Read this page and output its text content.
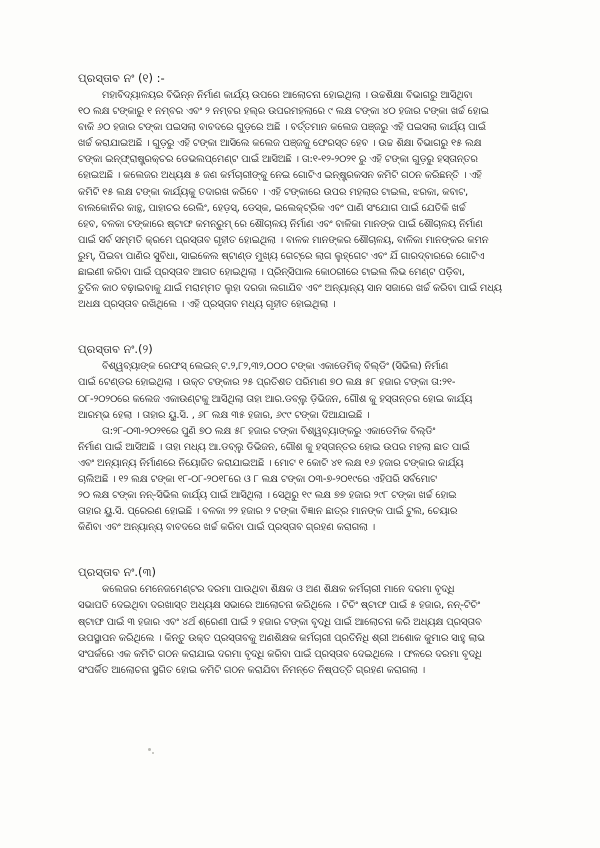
ପ୍ରସ୍ତାବ ନଂ (୧) :-
ମହାବିଦ୍ୟାଳୟର ବିଭିନ୍ନ ନିର୍ମାଣ କାର୍ଯ୍ୟ ଉପରେ ଆଲୋଚନା ହୋଇଥିଲା । ଉଚ୍ଚଶିକ୍ଷା ବିଭାଗରୁ ଆସିଥିବା
୧୦ ଲକ୍ଷ ଟଙ୍କାରୁ ୧ ନମ୍ବର ଏବଂ ୨ ନମ୍ବର ହଲ୍‌ର ଉପରମହଲାରେ ୯ ଲକ୍ଷ ଟଙ୍କା ୪୦ ହଜାର ଟଙ୍କା ଖର୍ଚ୍ଚ ହୋଇ
ବାକି ୬୦ ହଜାର ଟଙ୍କା ପଇସଲା ବାବଦରେ ଗୁଡ଼ରେ ଅଛି । ବର୍ତ୍ତମାନ କଲେଜ ପଞ୍ଜରୁ ଏହି ପଇସଲା କାର୍ଯ୍ୟ ପାଇଁ
ଖର୍ଚ୍ଚ କରାଯାଇଅଛି । ଗୁଡ଼ରୁ ଏହି ଟଙ୍କା ଆସିଲେ କଲେଜ ପଞ୍ଜକୁ ଫେରସ୍ତ ହେବ । ଉଚ୍ଚ ଶିକ୍ଷା ବିଭାଗରୁ ୧୫ ଲକ୍ଷ
ଟଙ୍କା ଇନ୍‌ଫ୍ରାଷ୍ଟ୍ରକ୍‌ଚର ଡେଭଲପ୍‌ମେଣ୍ଟ ପାଇଁ ଆସିଅଛି । ତା:୧-୧୨-୨୦୨୧ ରୁ ଏହି ଟଙ୍କା ଗୁଡ଼ରୁ ହସ୍ତାନ୍ତର
ହୋଇଅଛି । କଲେଜର ଅଧ୍ୟକ୍ଷ ୫ ଜଣ କର୍ମଚାରୀଙ୍କୁ ନେଇ ଗୋଟିଏ ଇନ୍‌ଷ୍ଟ୍ରକସନ କମିଟି ଗଠନ କରିଛନ୍ତି । ଏହି
କମିଟି ୧୫ ଲକ୍ଷ ଟଙ୍କା କାର୍ଯ୍ୟକୁ ତଦାରଖ କରିବେ । ଏହି ଟଙ୍କାରେ ଉପର ମହଲାର ଟାଇଲ, ଝରକା, କବାଟ,
ବାଲକୋନିର କାନ୍ଥ, ପାହାଚର ରେଲିଂ, ହେଡ଼ସ୍, ଡେସ୍କ, ଇଲେକ୍‌ଟ୍ରିକ ଏବଂ ପାଣି ସଂଯୋଗ ପାଇଁ ଯେତିକି ଖର୍ଚ୍ଚ
ହେବ, ବଳକା ଟଙ୍କାରେ ଷ୍ଟାଫ କମନ୍‌ରୁମ୍ ରେ ଶୌଚାଳୟ ନିର୍ମାଣ ଏବଂ ବାଳିକା ମାନଙ୍କ ପାଇଁ ଶୌଚାଳୟ ନିର୍ମାଣ
ପାଇଁ ସର୍ବ ସମ୍ମତି କ୍ରମେ ପ୍ରସ୍ତାବ ଗୃହୀତ ହୋଇଥିଲା । ବାଳକ ମାନଙ୍କର ଶୌଚାଳୟ, ବାଳିକା ମାନଙ୍କର କମନ
ରୁମ୍, ପିଇବା ପାଣିର ସୁବିଧା, ସାଇକେଲ ଷ୍ଟାଣ୍ଡ ମୁଖ୍ୟ ଗେଟ୍‌ରେ ଲାଗ ଲୁହ୍‌ଗେଟ ଏବଂ ଯିଁ ଗାରଦ୍‌ବାରରେ ଗୋଟିଏ
ଛାଇଣୀ କରିବା ପାଇଁ ପ୍ରସ୍ତାବ ଆଗତ ହୋଇଥିଲା । ପ୍ରିନ୍‌ସିପାଲ କୋଠରୀରେ ଟାଇଲ ଲିଭ ମେଣ୍ଟ ପଡ଼ିବା,
ତୁତିଳ କାଠ ବଢ଼ାଇବାକୁ ଯାଇଁ ମରାମ୍ମତ ଲୁହା ଦରଜା ଲଗାଯିବ ଏବଂ ଅନ୍ୟାନ୍ୟ ସାନ ସଜାରେ ଖର୍ଚ୍ଚ କରିବା ପାଇଁ ମଧ୍ୟ
ଅଧକ୍ଷ ପ୍ରସ୍ତାବ ରଖିଥିଲେ । ଏହି ପ୍ରସ୍ତାବ ମଧ୍ୟ ଗୃହୀତ ହୋଇଥିଲା ।
ପ୍ରସ୍ତାବ ନଂ.(୨)
ବିଶ୍ୱବ୍ୟାଙ୍କ ରେଫସ୍ ଲେଇନ୍ ଟ.୨,୮୨,୩୨,୦୦୦ ଟଙ୍କା ଏକାଡେମିକ୍ ବିଲ୍ଡିଂ (ସିଭିଲ) ନିର୍ମାଣ
ପାଇଁ ଟେଣ୍ଡର ହୋଇଥିଲା । ଉକ୍ତ ଟଙ୍କାର ୨୫ ପ୍ରତିଶତ ପରିମାଣ ୭୦ ଲକ୍ଷ ୫୮ ହଜାର ଟଙ୍କା ତା:୨୧-
୦୮-୨୦୨୦ରେ କଲେଜ ଏକାଉଣ୍ଟକୁ ଆସିଥିଲା ତାହା ଆର.ଡବ୍ଲୁ ଡ଼ିଭିଜନ, ଗୌଶ କୁ ହସ୍ତାନ୍ତର ହୋଇ କାର୍ଯ୍ୟ
ଆରମ୍ଭ ହେଲା । ତାହାର ୟୁ.ସି. , ୬୮ ଲକ୍ଷ ୩୫ ହଜାର, ୬୯୯ ଟଙ୍କା ଦିଆଯାଇଛି ।
ତା:୨୮-୦୩-୨୦୨୧ରେ ପୁଣି ୭୦ ଲକ୍ଷ ୫୮ ହଜାର ଟଙ୍କା ବିଶ୍ୱବ୍ୟାଙ୍କରୁ ଏକାଡେମିକ ବିଲ୍ଡିଂ
ନିର୍ମାଣ ପାଇଁ ଆସିଅଛି । ତାହା ମଧ୍ୟ ଆ.ଡବ୍ଲୁ ଡିଭିଜନ, ଗୌଶ କୁ ହସ୍ତାନ୍ତର ହୋଇ ଉପର ମହଲା ଛାତ ପାଇଁ
ଏବଂ ଅନ୍ୟାନ୍ୟ ନିର୍ମାଣରେ ନିୟୋଜିତ କରାଯାଇଅଛି । ମୋଟ ୧ କୋଟି ୪୧ ଲକ୍ଷ ୧୬ ହଜାର ଟଙ୍କାର କାର୍ଯ୍ୟ
ଚାଲିଅଛି । ୧୨ ଲକ୍ଷ ଟଙ୍କା ୧୮-୦୮-୨୦୧୮ରେ ଓ ୮ ଲକ୍ଷ ଟଙ୍କା ୦୩-୭-୨୦୧୯ରେ ଏହିପରି ସର୍ବମୋଟ
୨୦ ଲକ୍ଷ ଟଙ୍କା ନନ୍-ସିଭିଲ କାର୍ଯ୍ୟ ପାଇଁ ଆସିଥିଲା । ସେଥିରୁ ୧୯ ଲକ୍ଷ ୭୭ ହଜାର ୨୯୮ ଟଙ୍କା ଖର୍ଚ୍ଚ ହୋଇ
ତାହାର ୟୁ.ସି. ପ୍ରେରଣ ହୋଇଛି । ବଳକା ୨୨ ହଜାର ୨ ଟଙ୍କା ବିଜ୍ଞାନ ଛାତ୍ର ମାନଙ୍କ ପାଇଁ ଟୁଲ, ଚେୟାର
କିଣିବା ଏବଂ ଅନ୍ୟାନ୍ୟ ବାବଦରେ ଖର୍ଚ୍ଚ କରିବା ପାଇଁ ପ୍ରସ୍ତାବ ଗ୍ରହଣ କରାଗଲା ।
ପ୍ରସ୍ତାବ ନଂ.(୩)
କଲେଜର ମେନେଜମେଣ୍ଟର ଦରମା ପାଉଥିବା ଶିକ୍ଷକ ଓ ଅଣ ଶିକ୍ଷକ କର୍ମଚାରୀ ମାନେ ଦରମା ବୃଦ୍ଧି
ସଭାପତି ଦେଇଥିବା ଦରଖାସ୍ତ ଅଧ୍ୟକ୍ଷ ସଭାରେ ଆଲୋଚନା କରିଥିଲେ । ଟିଚିଂ ଷ୍ଟାଫ ପାଇଁ ୫ ହଜାର, ନନ୍-ଟିଚିଂ
ଷ୍ଟାଫ ପାଇଁ ୩ ହଜାର ଏବଂ ୪ର୍ଥ ଶ୍ରେଣୀ ପାଇଁ ୨ ହଜାର ଟଙ୍କା ବୃଦ୍ଧି ପାଇଁ ଆଲୋଚନା କରି ଅଧ୍ୟକ୍ଷ ପ୍ରସ୍ତାବ
ଉପସ୍ଥାପନ କରିଥିଲେ । କିନ୍ତୁ ଉକ୍ତ ପ୍ରସ୍ତାବକୁ ଅଣଶିକ୍ଷକ କର୍ମଚାରୀ ପ୍ରତିନିଧି ଶ୍ରୀ ଅଶୋକ କୁମାର ସାହୁ ଲାଭ
ସଂପର୍କରେ ଏକ କମିଟି ଗଠନ କରାଯାଇ ଦରମା ବୃଦ୍ଧି କରିବା ପାଇଁ ପ୍ରସ୍ତାବ ଦେଇଥିଲେ । ଫଳରେ ଦରମା ବୃଦ୍ଧି
ସଂପର୍କିତ ଆଲୋଚନା ସ୍ଥଗିତ ହୋଇ କମିଟି ଗଠନ କରାଯିବା ନିମନ୍ତେ ନିଷ୍ପତ୍ତି ଗ୍ରହଣ କରାଗଲା ।
